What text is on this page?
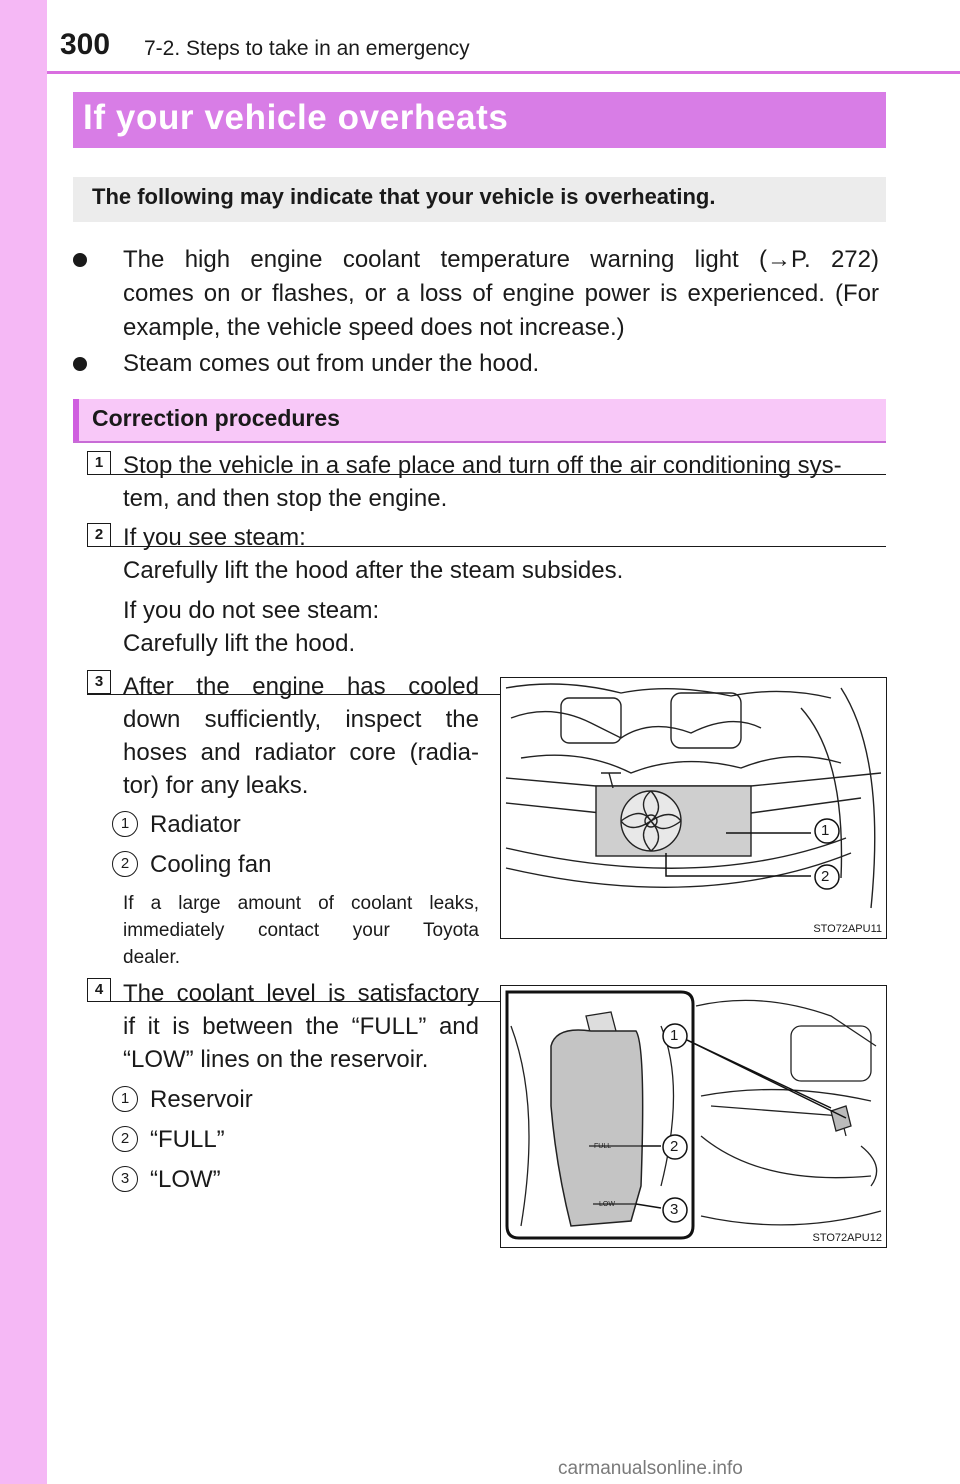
300 7-2. Steps to take in an emergency
If your vehicle overheats
The following may indicate that your vehicle is overheating.
The high engine coolant temperature warning light (→P. 272)
comes on or flashes, or a loss of engine power is experienced. (For
example, the vehicle speed does not increase.)
Steam comes out from under the hood.
Correction procedures
1 Stop the vehicle in a safe place and turn off the air conditioning sys-
tem, and then stop the engine.
2 If you see steam:
Carefully lift the hood after the steam subsides.
If you do not see steam:
Carefully lift the hood.
3 After the engine has cooled
down sufficiently, inspect the
hoses and radiator core (radia-
tor) for any leaks.
1 Radiator
2 Cooling fan
If a large amount of coolant leaks,
immediately contact your Toyota
dealer.
1
2
STO72APU11
4 The coolant level is satisfactory
if it is between the “FULL” and
“LOW” lines on the reservoir.
1 Reservoir
2 “FULL”
3 “LOW”
FULL
LOW
1
2
3
STO72APU12
carmanualsonline.info
